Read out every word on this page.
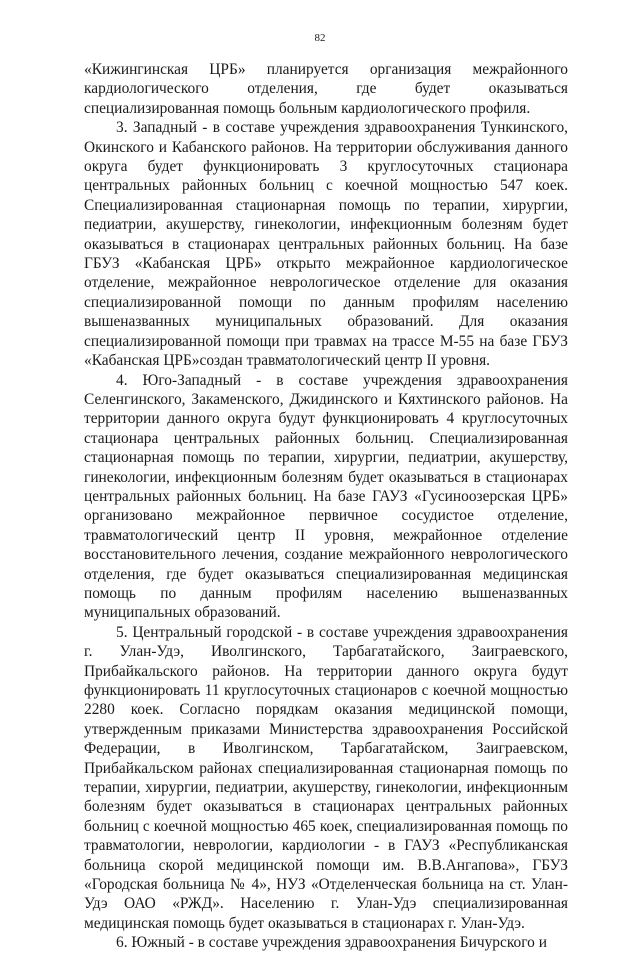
82

«Кижингинская ЦРБ» планируется организация межрайонного кардиологического отделения, где будет оказываться специализированная помощь больным кардиологического профиля.

3. Западный - в составе учреждения здравоохранения Тункинского, Окинского и Кабанского районов. На территории обслуживания данного округа будет функционировать 3 круглосуточных стационара центральных районных больниц с коечной мощностью 547 коек. Специализированная стационарная помощь по терапии, хирургии, педиатрии, акушерству, гинекологии, инфекционным болезням будет оказываться в стационарах центральных районных больниц. На базе ГБУЗ «Кабанская ЦРБ» открыто межрайонное кардиологическое отделение, межрайонное неврологическое отделение для оказания специализированной помощи по данным профилям населению вышеназванных муниципальных образований. Для оказания специализированной помощи при травмах на трассе М-55 на базе ГБУЗ «Кабанская ЦРБ»создан травматологический центр II уровня.

4. Юго-Западный - в составе учреждения здравоохранения Селенгинского, Закаменского, Джидинского и Кяхтинского районов. На территории данного округа будут функционировать 4 круглосуточных стационара центральных районных больниц. Специализированная стационарная помощь по терапии, хирургии, педиатрии, акушерству, гинекологии, инфекционным болезням будет оказываться в стационарах центральных районных больниц. На базе ГАУЗ «Гусиноозерская ЦРБ» организовано межрайонное первичное сосудистое отделение, травматологический центр II уровня, межрайонное отделение восстановительного лечения, создание межрайонного неврологического отделения, где будет оказываться специализированная медицинская помощь по данным профилям населению вышеназванных муниципальных образований.

5. Центральный городской - в составе учреждения здравоохранения г. Улан-Удэ, Иволгинского, Тарбагатайского, Заиграевского, Прибайкальского районов. На территории данного округа будут функционировать 11 круглосуточных стационаров с коечной мощностью 2280 коек. Согласно порядкам оказания медицинской помощи, утвержденным приказами Министерства здравоохранения Российской Федерации, в Иволгинском, Тарбагатайском, Заиграевском, Прибайкальском районах специализированная стационарная помощь по терапии, хирургии, педиатрии, акушерству, гинекологии, инфекционным болезням будет оказываться в стационарах центральных районных больниц с коечной мощностью 465 коек, специализированная помощь по травматологии, неврологии, кардиологии - в ГАУЗ «Республиканская больница скорой медицинской помощи им. В.В.Ангапова», ГБУЗ «Городская больница № 4», НУЗ «Отделенческая больница на ст. Улан-Удэ ОАО «РЖД». Населению г. Улан-Удэ специализированная медицинская помощь будет оказываться в стационарах г. Улан-Удэ.

6. Южный - в составе учреждения здравоохранения Бичурского и
